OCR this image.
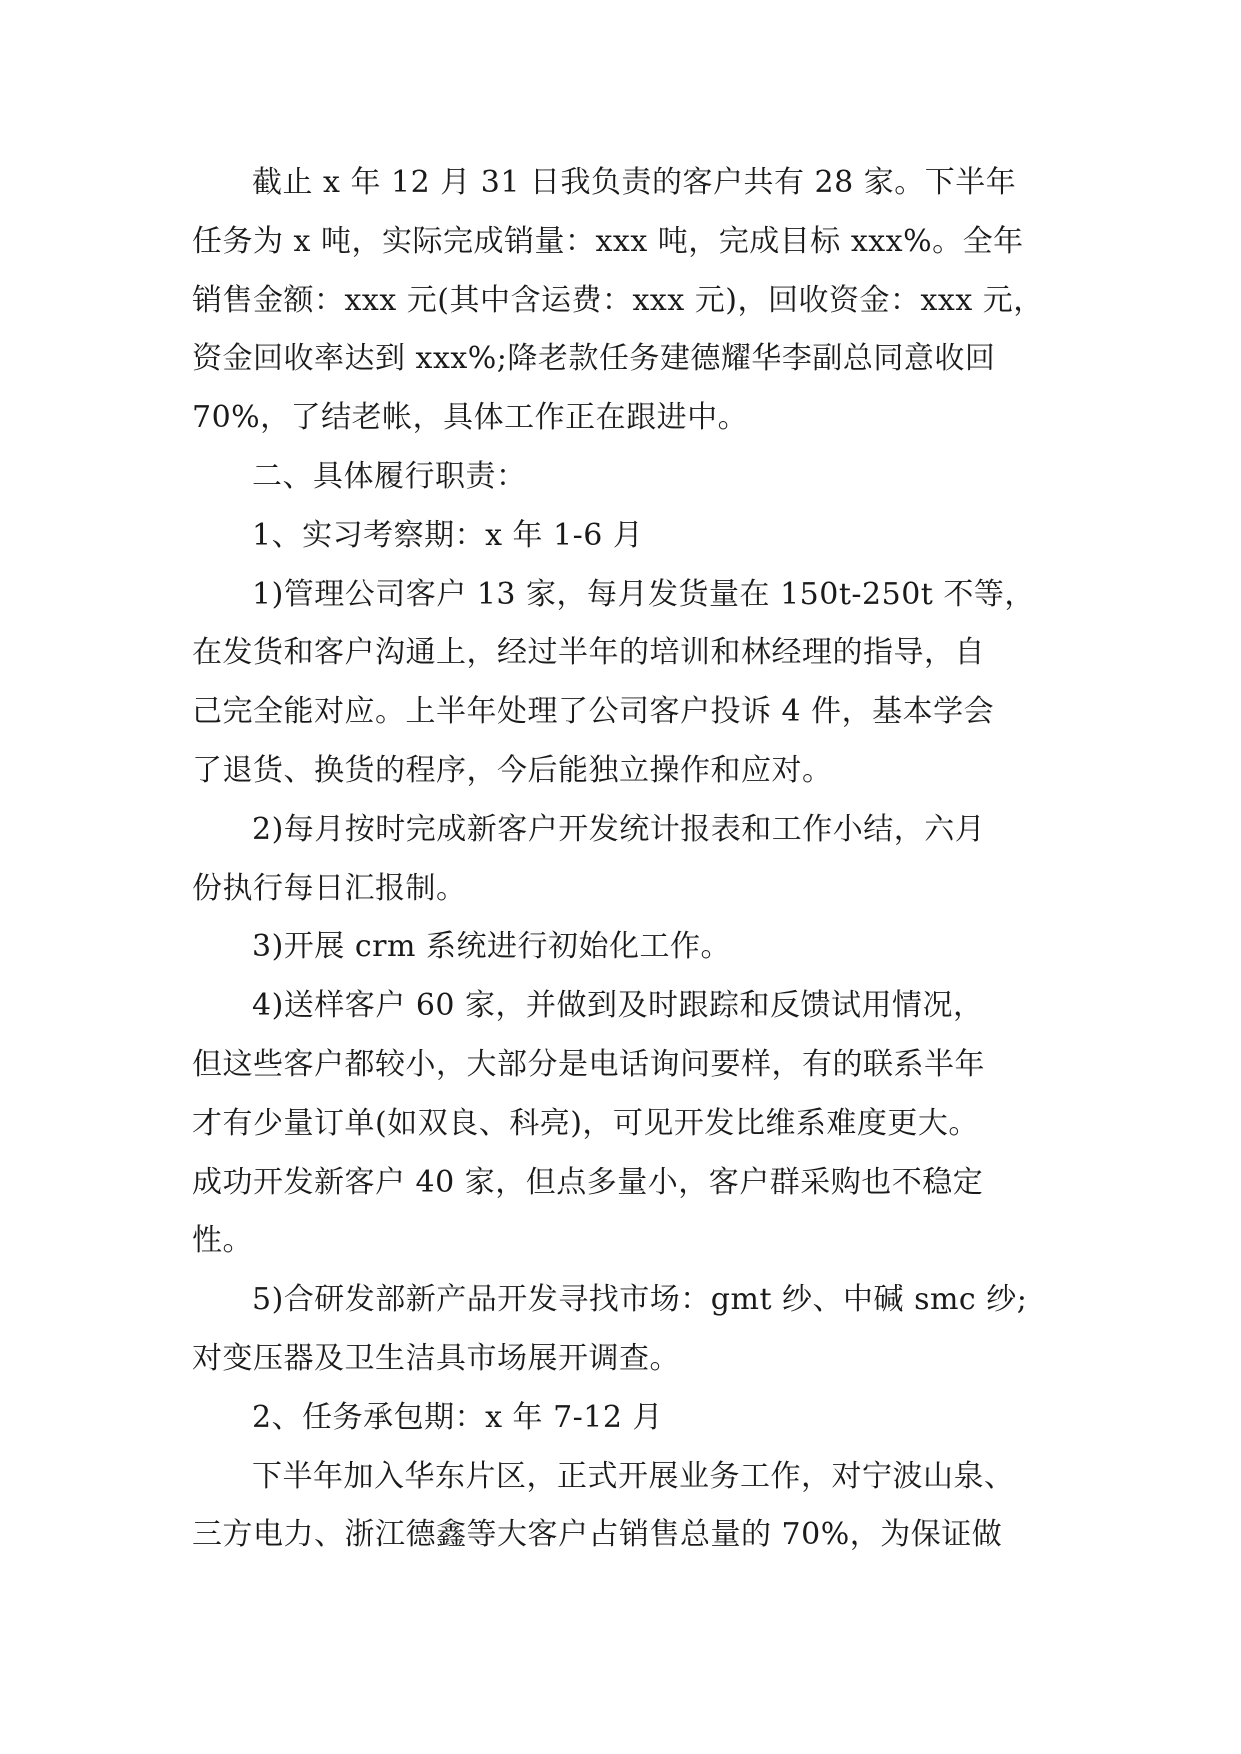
截止 x 年 12 月 31 日我负责的客户共有 28 家。下半年
任务为 x 吨，实际完成销量：xxx 吨，完成目标 xxx%。全年
销售金额：xxx 元(其中含运费：xxx 元)，回收资金：xxx 元，
资金回收率达到 xxx%;降老款任务建德耀华李副总同意收回
70%，了结老帐，具体工作正在跟进中。
二、具体履行职责：
1、实习考察期：x 年 1-6 月
1)管理公司客户 13 家，每月发货量在 150t-250t 不等，
在发货和客户沟通上，经过半年的培训和林经理的指导，自
己完全能对应。上半年处理了公司客户投诉 4 件，基本学会
了退货、换货的程序，今后能独立操作和应对。
2)每月按时完成新客户开发统计报表和工作小结，六月
份执行每日汇报制。
3)开展 crm 系统进行初始化工作。
4)送样客户 60 家，并做到及时跟踪和反馈试用情况，
但这些客户都较小，大部分是电话询问要样，有的联系半年
才有少量订单(如双良、科亮)，可见开发比维系难度更大。
成功开发新客户 40 家，但点多量小，客户群采购也不稳定
性。
5)合研发部新产品开发寻找市场：gmt 纱、中碱 smc 纱;
对变压器及卫生洁具市场展开调查。
2、任务承包期：x 年 7-12 月
下半年加入华东片区，正式开展业务工作，对宁波山泉、
三方电力、浙江德鑫等大客户占销售总量的 70%，为保证做
